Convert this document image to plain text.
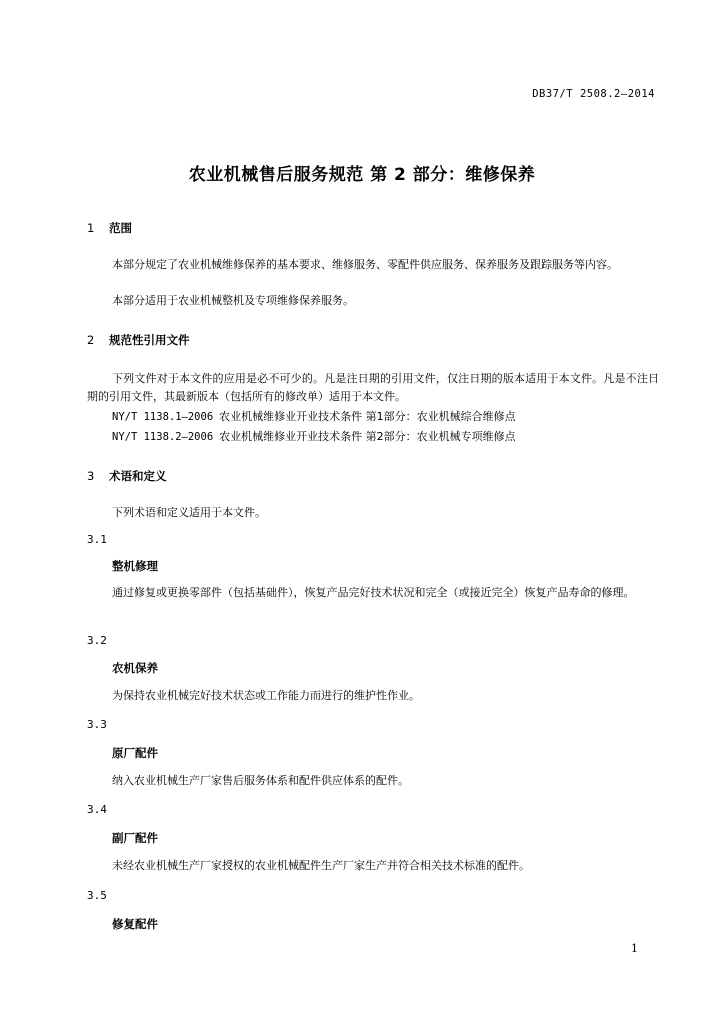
DB37/T 2508.2—2014
农业机械售后服务规范 第 2 部分：维修保养
1 范围
本部分规定了农业机械维修保养的基本要求、维修服务、零配件供应服务、保养服务及跟踪服务等内容。
本部分适用于农业机械整机及专项维修保养服务。
2 规范性引用文件
下列文件对于本文件的应用是必不可少的。凡是注日期的引用文件，仅注日期的版本适用于本文件。凡是不注日期的引用文件，其最新版本（包括所有的修改单）适用于本文件。
NY/T 1138.1—2006 农业机械维修业开业技术条件 第1部分：农业机械综合维修点
NY/T 1138.2—2006 农业机械维修业开业技术条件 第2部分：农业机械专项维修点
3 术语和定义
下列术语和定义适用于本文件。
3.1
整机修理
通过修复或更换零部件（包括基础件），恢复产品完好技术状况和完全（或接近完全）恢复产品寿命的修理。
3.2
农机保养
为保持农业机械完好技术状态或工作能力而进行的维护性作业。
3.3
原厂配件
纳入农业机械生产厂家售后服务体系和配件供应体系的配件。
3.4
副厂配件
未经农业机械生产厂家授权的农业机械配件生产厂家生产并符合相关技术标准的配件。
3.5
修复配件
1
